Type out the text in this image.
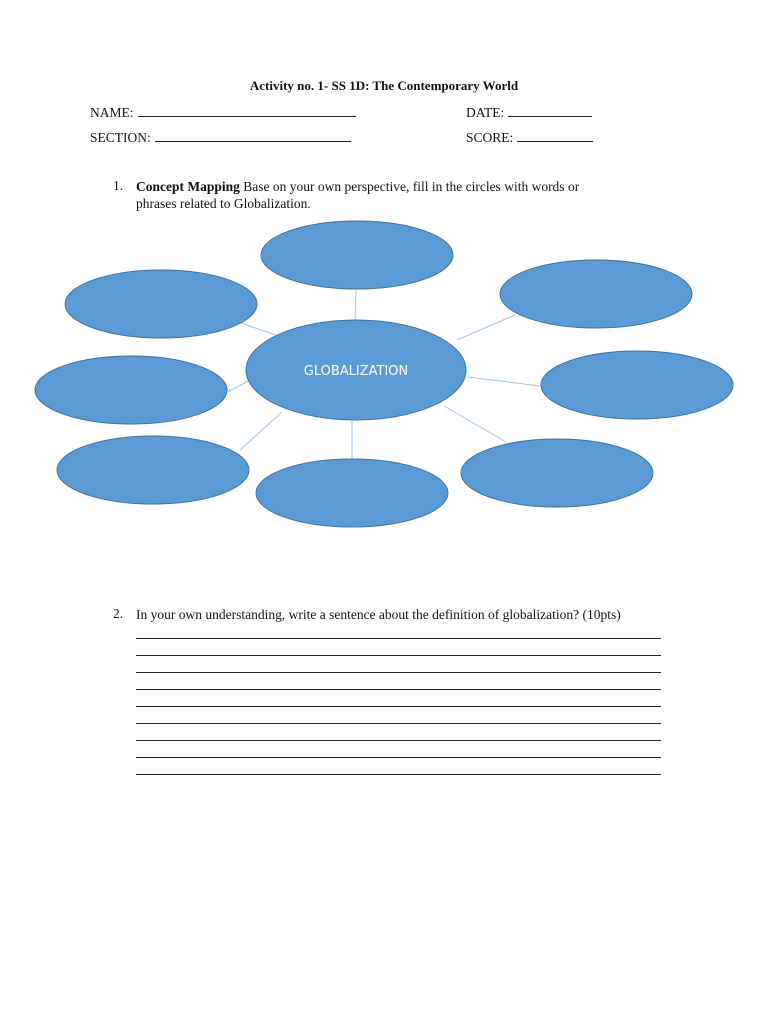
Activity no. 1- SS 1D: The Contemporary World
NAME:	DATE:
SECTION:	SCORE:
1. Concept Mapping Base on your own perspective, fill in the circles with words or
phrases related to Globalization.
GLOBALIZATION
2. In your own understanding, write a sentence about the definition of globalization? (10pts)
